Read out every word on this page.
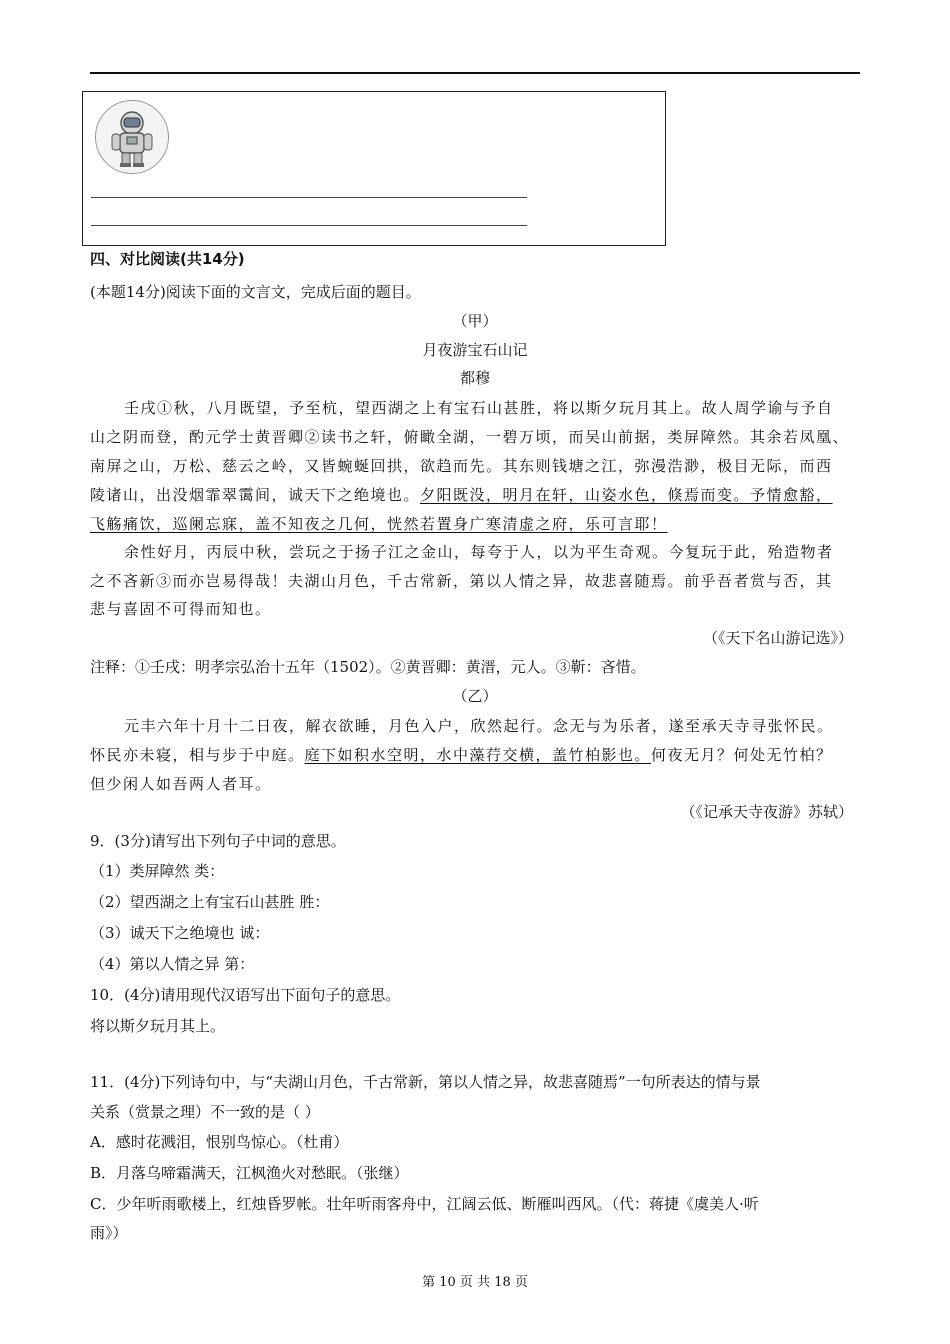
四、对比阅读(共14分)
(本题14分)阅读下面的文言文，完成后面的题目。
（甲）
月夜游宝石山记
都穆
壬戌①秋，八月既望，予至杭，望西湖之上有宝石山甚胜，将以斯夕玩月其上。故人周学谕与予自
山之阴而登，酌元学士黄晋卿②读书之轩，俯瞰全湖，一碧万顷，而吴山前据，类屏障然。其余若凤凰、
南屏之山，万松、慈云之岭，又皆蜿蜒回拱，欲趋而先。其东则钱塘之江，弥漫浩渺，极目无际，而西
陵诸山，出没烟霏翠霭间，诚天下之绝境也。夕阳既没，明月在轩，山姿水色，倏焉而变。予情愈豁，
飞觞痛饮，巡阑忘寐，盖不知夜之几何，恍然若置身广寒清虚之府，乐可言耶！
余性好月，丙辰中秋，尝玩之于扬子江之金山，每夸于人，以为平生奇观。今复玩于此，殆造物者
之不吝新③而亦岂易得哉！夫湖山月色，千古常新，第以人情之异，故悲喜随焉。前乎吾者赏与否，其
悲与喜固不可得而知也。
（《天下名山游记选》）
注释：①壬戌：明孝宗弘治十五年（1502）。②黄晋卿：黄溍，元人。③靳：吝惜。
（乙）
元丰六年十月十二日夜，解衣欲睡，月色入户，欣然起行。念无与为乐者，遂至承天寺寻张怀民。
怀民亦未寝，相与步于中庭。庭下如积水空明，水中藻荇交横，盖竹柏影也。何夜无月？何处无竹柏？
但少闲人如吾两人者耳。
（《记承天寺夜游》苏轼）
9．(3分)请写出下列句子中词的意思。
（1）类屏障然 类：
（2）望西湖之上有宝石山甚胜 胜：
（3）诚天下之绝境也 诚：
（4）第以人情之异 第：
10．(4分)请用现代汉语写出下面句子的意思。
将以斯夕玩月其上。
11．(4分)下列诗句中，与“夫湖山月色，千古常新，第以人情之异，故悲喜随焉”一句所表达的情与景
关系（赏景之理）不一致的是（ ）
A．感时花溅泪，恨别鸟惊心。（杜甫）
B．月落乌啼霜满天，江枫渔火对愁眠。（张继）
C．少年听雨歌楼上，红烛昏罗帐。壮年听雨客舟中，江阔云低、断雁叫西风。（代：蒋捷《虞美人·听
雨》）
第 10 页 共 18 页
